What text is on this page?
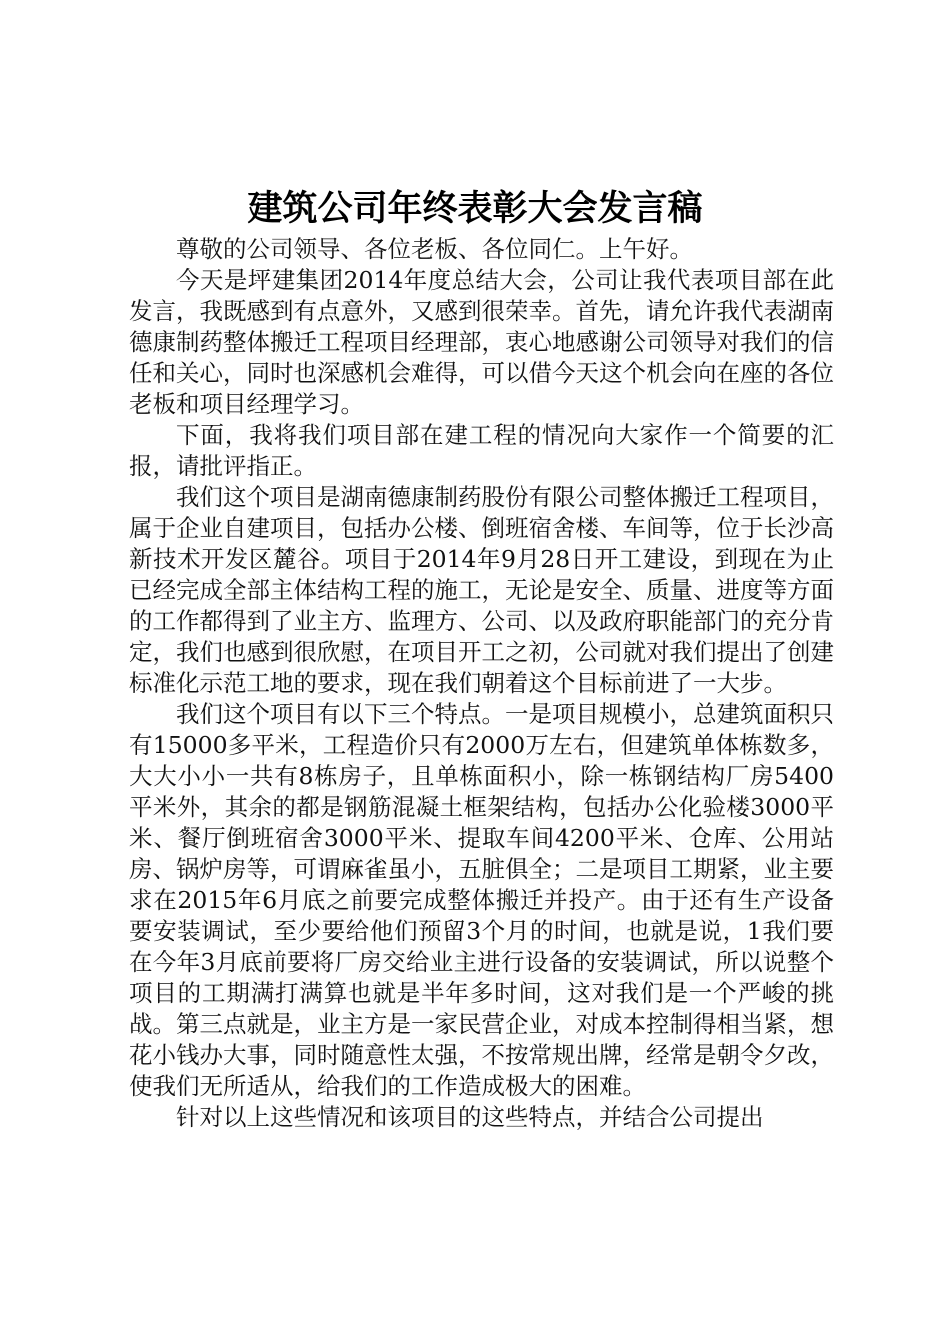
建筑公司年终表彰大会发言稿

尊敬的公司领导、各位老板、各位同仁。上午好。

今天是坪建集团2014年度总结大会，公司让我代表项目部在此发言，我既感到有点意外，又感到很荣幸。首先，请允许我代表湖南德康制药整体搬迁工程项目经理部，衷心地感谢公司领导对我们的信任和关心，同时也深感机会难得，可以借今天这个机会向在座的各位老板和项目经理学习。

下面，我将我们项目部在建工程的情况向大家作一个简要的汇报，请批评指正。

我们这个项目是湖南德康制药股份有限公司整体搬迁工程项目，属于企业自建项目，包括办公楼、倒班宿舍楼、车间等，位于长沙高新技术开发区麓谷。项目于2014年9月28日开工建设，到现在为止已经完成全部主体结构工程的施工，无论是安全、质量、进度等方面的工作都得到了业主方、监理方、公司、以及政府职能部门的充分肯定，我们也感到很欣慰，在项目开工之初，公司就对我们提出了创建标准化示范工地的要求，现在我们朝着这个目标前进了一大步。

我们这个项目有以下三个特点。一是项目规模小，总建筑面积只有15000多平米，工程造价只有2000万左右，但建筑单体栋数多，大大小小一共有8栋房子，且单栋面积小，除一栋钢结构厂房5400平米外，其余的都是钢筋混凝土框架结构，包括办公化验楼3000平米、餐厅倒班宿舍3000平米、提取车间4200平米、仓库、公用站房、锅炉房等，可谓麻雀虽小，五脏俱全；二是项目工期紧，业主要求在2015年6月底之前要完成整体搬迁并投产。由于还有生产设备要安装调试，至少要给他们预留3个月的时间，也就是说，1我们要在今年3月底前要将厂房交给业主进行设备的安装调试，所以说整个项目的工期满打满算也就是半年多时间，这对我们是一个严峻的挑战。第三点就是，业主方是一家民营企业，对成本控制得相当紧，想花小钱办大事，同时随意性太强，不按常规出牌，经常是朝令夕改，使我们无所适从，给我们的工作造成极大的困难。

针对以上这些情况和该项目的这些特点，并结合公司提出
